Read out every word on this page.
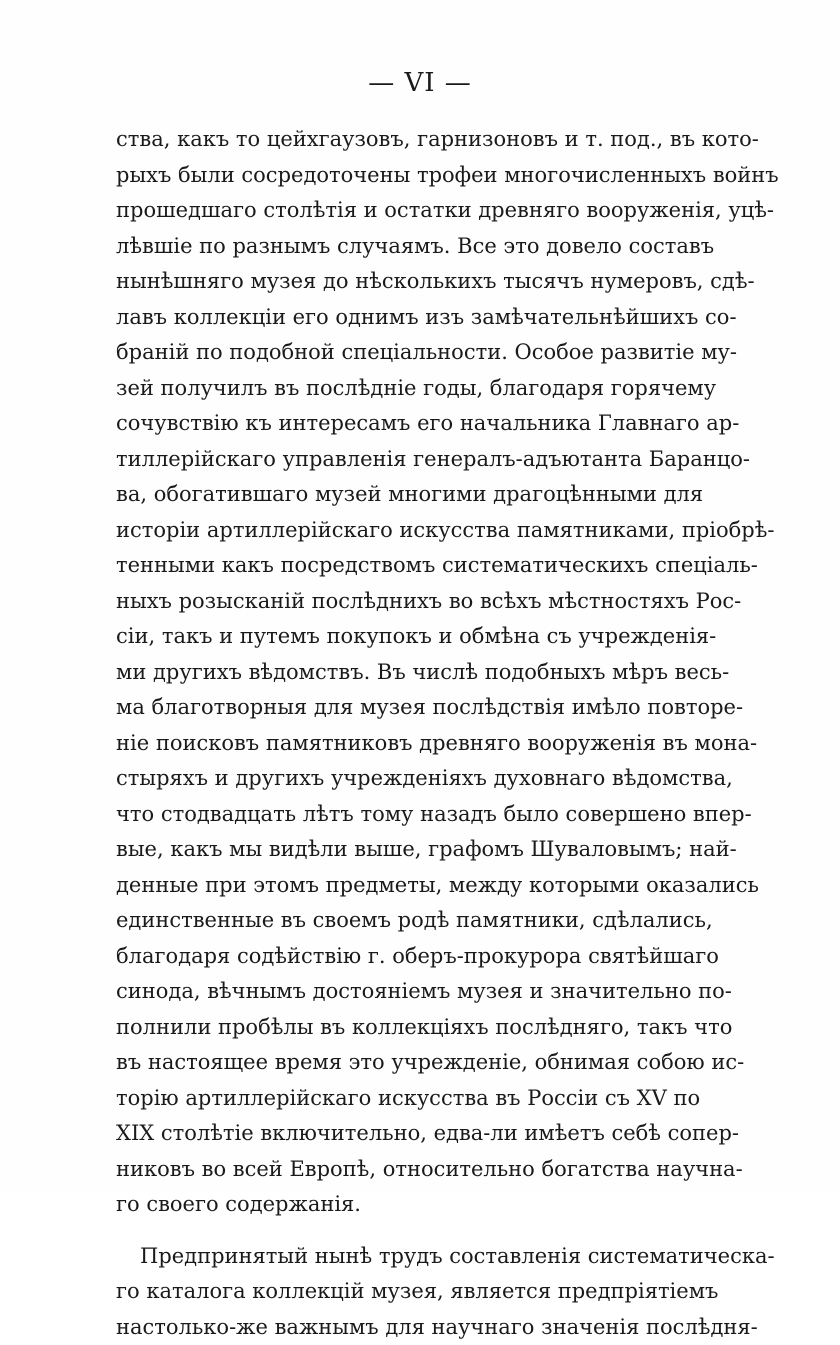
— VI —
ства, какъ то цейхгаузовъ, гарнизоновъ и т. под., въ кото-
рыхъ были сосредоточены трофеи многочисленныхъ войнъ
прошедшаго столѣтія и остатки древняго вооруженія, уцѣ-
лѣвшіе по разнымъ случаямъ. Все это довело составъ
нынѣшняго музея до нѣсколькихъ тысячъ нумеровъ, сдѣ-
лавъ коллекціи его однимъ изъ замѣчательнѣйшихъ со-
браній по подобной спеціальности. Особое развитіе му-
зей получилъ въ послѣдніе годы, благодаря горячему
сочувствію къ интересамъ его начальника Главнаго ар-
тиллерійскаго управленія генералъ-адъютанта Баранцо-
ва, обогатившаго музей многими драгоцѣнными для
исторіи артиллерійскаго искусства памятниками, пріобрѣ-
тенными какъ посредствомъ систематическихъ спеціаль-
ныхъ розысканій послѣднихъ во всѣхъ мѣстностяхъ Рос-
сіи, такъ и путемъ покупокъ и обмѣна съ учрежденія-
ми другихъ вѣдомствъ. Въ числѣ подобныхъ мѣръ весь-
ма благотворныя для музея послѣдствія имѣло повторе-
ніе поисковъ памятниковъ древняго вооруженія въ мона-
стыряхъ и другихъ учрежденіяхъ духовнаго вѣдомства,
что стодвадцать лѣтъ тому назадъ было совершено впер-
вые, какъ мы видѣли выше, графомъ Шуваловымъ; най-
денные при этомъ предметы, между которыми оказались
единственные въ своемъ родѣ памятники, сдѣлались,
благодаря содѣйствію г. оберъ-прокурора святѣйшаго
синода, вѣчнымъ достояніемъ музея и значительно по-
полнили пробѣлы въ коллекціяхъ послѣдняго, такъ что
въ настоящее время это учрежденіе, обнимая собою ис-
торію артиллерійскаго искусства въ Россіи съ XV по
XIX столѣтіе включительно, едва-ли имѣетъ себѣ сопер-
никовъ во всей Европѣ, относительно богатства научна-
го своего содержанія.
Предпринятый нынѣ трудъ составленія систематическа-
го каталога коллекцій музея, является предпріятіемъ
настолько-же важнымъ для научнаго значенія послѣдня-
